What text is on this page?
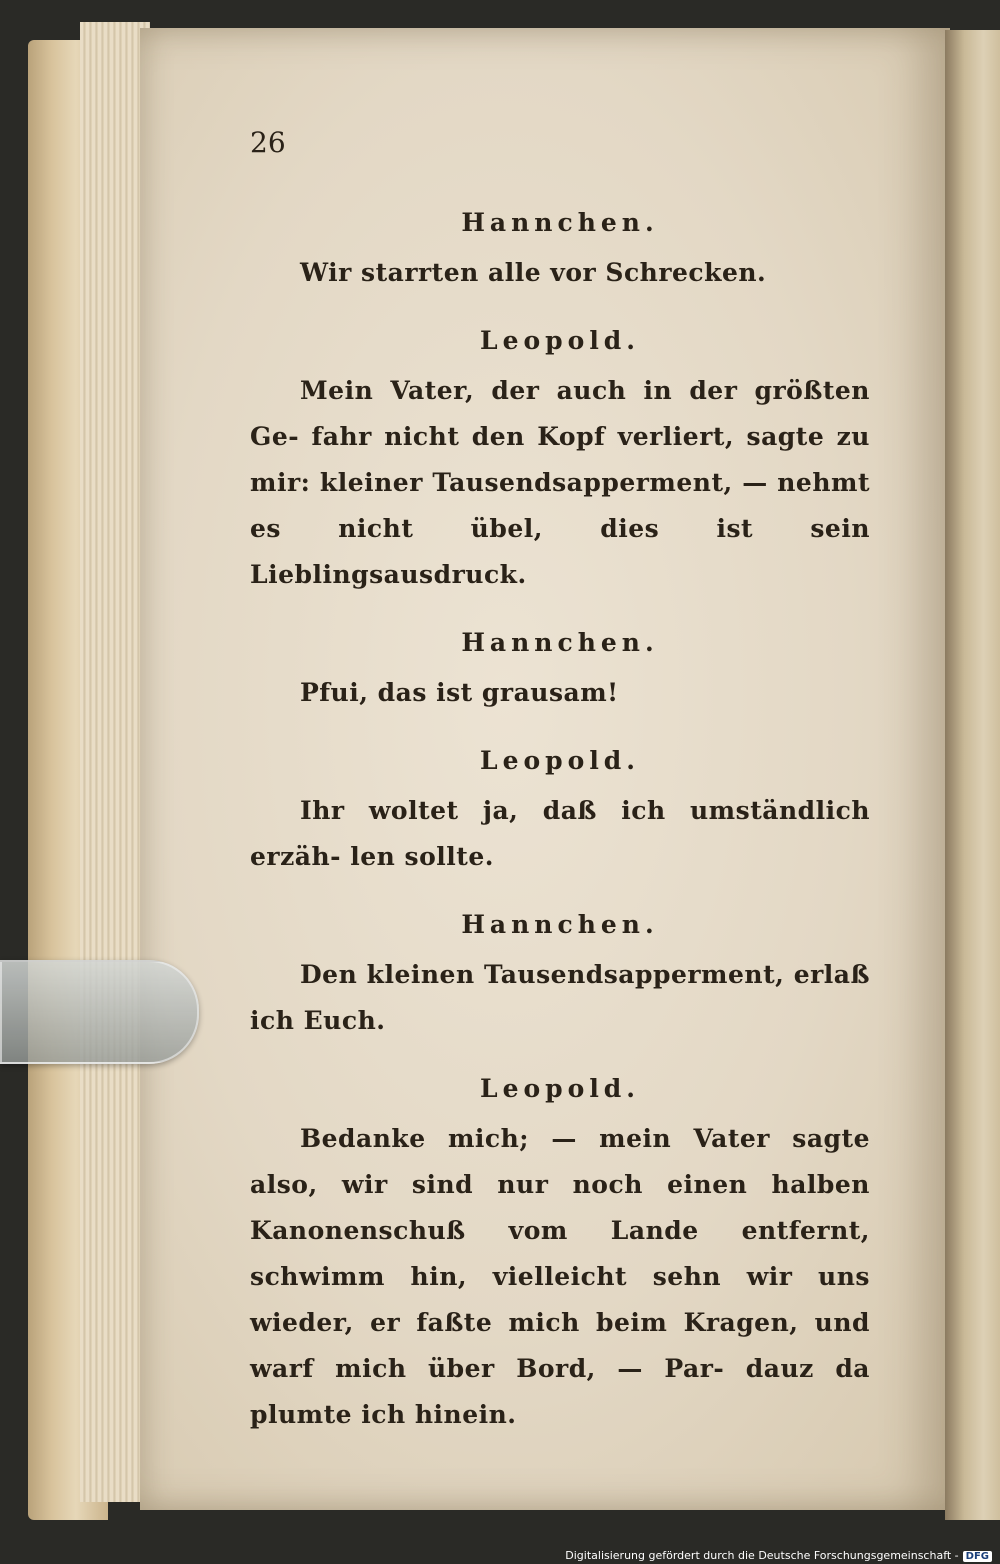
26
Hannchen.

Wir starrten alle vor Schrecken.

Leopold.

Mein Vater, der auch in der größten Ge- fahr nicht den Kopf verliert, sagte zu mir: kleiner Tausendsapperment, — nehmt es nicht übel, dies ist sein Lieblingsausdruck.

Hannchen.

Pfui, das ist grausam!

Leopold.

Ihr woltet ja, daß ich umständlich erzäh- len sollte.

Hannchen.

Den kleinen Tausendsapperment, erlaß ich Euch.

Leopold.

Bedanke mich; — mein Vater sagte also, wir sind nur noch einen halben Kanonenschuß vom Lande entfernt, schwimm hin, vielleicht sehn wir uns wieder, er faßte mich beim Kragen, und warf mich über Bord, — Par- dauz da plumte ich hinein.

Digitalisierung gefördert durch die Deutsche Forschungsgemeinschaft - DFG
